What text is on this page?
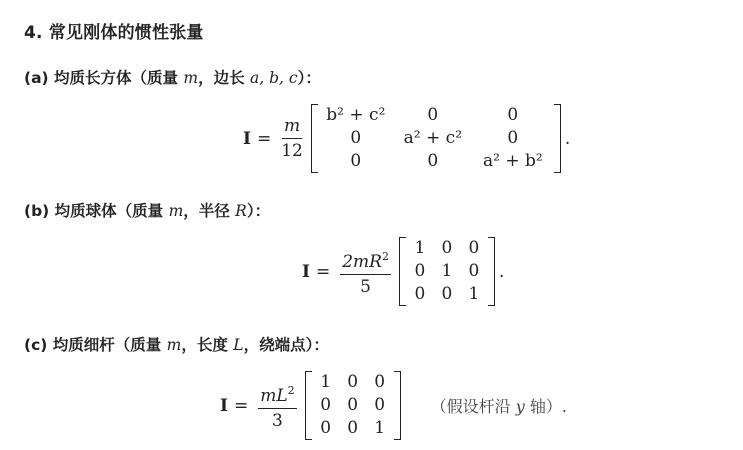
4. 常见刚体的惯性张量
(a) 均质长方体（质量 m，边长 a, b, c）：
$I = \frac{m}{12}$
b² + c²	0	0
0	a² + c²	0
0	0	a² + b²
.
(b) 均质球体（质量 m，半径 R）：
$I = \frac{2mR^2}{5} 1$	0	0
0	1	0
0	0	1
.
(c) 均质细杆（质量 m，长度 L，绕端点）：
$I = \frac{mL^2}{3} 1$	0	0
0	0	0
0	0	1
（假设杆沿 y 轴）.
